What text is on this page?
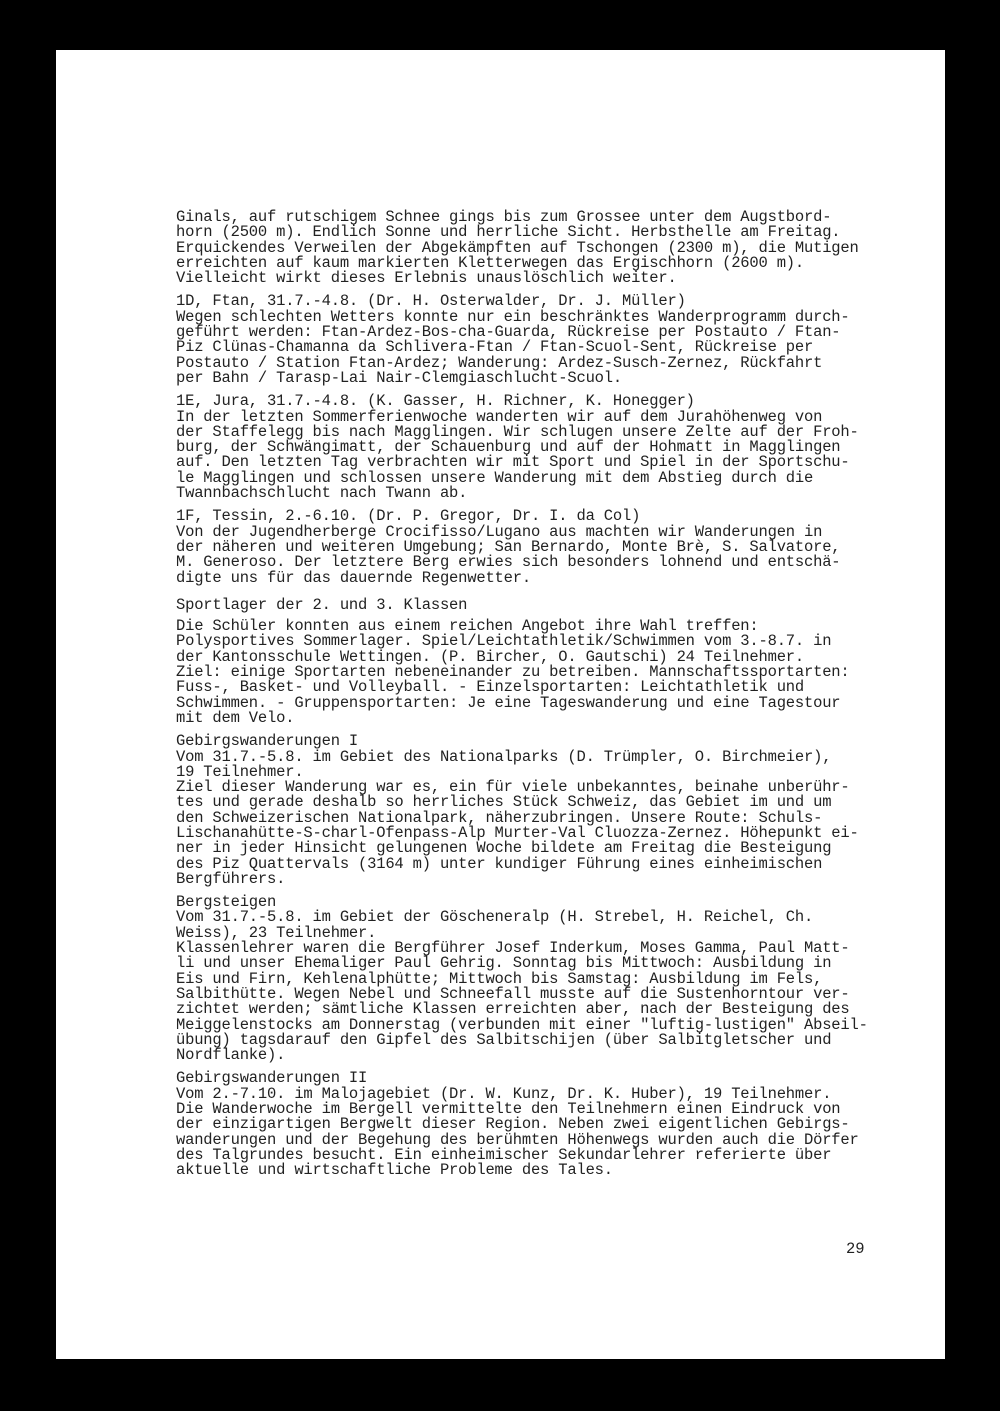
Ginals, auf rutschigem Schnee gings bis zum Grossee unter dem Augstbord-
horn (2500 m). Endlich Sonne und herrliche Sicht. Herbsthelle am Freitag.
Erquickendes Verweilen der Abgekämpften auf Tschongen (2300 m), die Mutigen
erreichten auf kaum markierten Kletterwegen das Ergischhorn (2600 m).
Vielleicht wirkt dieses Erlebnis unauslöschlich weiter.
1D, Ftan, 31.7.-4.8. (Dr. H. Osterwalder, Dr. J. Müller)
Wegen schlechten Wetters konnte nur ein beschränktes Wanderprogramm durch-
geführt werden: Ftan-Ardez-Bos-cha-Guarda, Rückreise per Postauto / Ftan-
Piz Clünas-Chamanna da Schlivera-Ftan / Ftan-Scuol-Sent, Rückreise per
Postauto / Station Ftan-Ardez; Wanderung: Ardez-Susch-Zernez, Rückfahrt
per Bahn / Tarasp-Lai Nair-Clemgiaschlucht-Scuol.
1E, Jura, 31.7.-4.8. (K. Gasser, H. Richner, K. Honegger)
In der letzten Sommerferienwoche wanderten wir auf dem Jurahöhenweg von
der Staffelegg bis nach Magglingen. Wir schlugen unsere Zelte auf der Froh-
burg, der Schwängimatt, der Schauenburg und auf der Hohmatt in Magglingen
auf. Den letzten Tag verbrachten wir mit Sport und Spiel in der Sportschu-
le Magglingen und schlossen unsere Wanderung mit dem Abstieg durch die
Twannbachschlucht nach Twann ab.
1F, Tessin, 2.-6.10. (Dr. P. Gregor, Dr. I. da Col)
Von der Jugendherberge Crocifisso/Lugano aus machten wir Wanderungen in
der näheren und weiteren Umgebung; San Bernardo, Monte Brè, S. Salvatore,
M. Generoso. Der letztere Berg erwies sich besonders lohnend und entschä-
digte uns für das dauernde Regenwetter.
Sportlager der 2. und 3. Klassen
Die Schüler konnten aus einem reichen Angebot ihre Wahl treffen:
Polysportives Sommerlager. Spiel/Leichtathletik/Schwimmen vom 3.-8.7. in
der Kantonsschule Wettingen. (P. Bircher, O. Gautschi) 24 Teilnehmer.
Ziel: einige Sportarten nebeneinander zu betreiben. Mannschaftssportarten:
Fuss-, Basket- und Volleyball. - Einzelsportarten: Leichtathletik und
Schwimmen. - Gruppensportarten: Je eine Tageswanderung und eine Tagestour
mit dem Velo.
Gebirgswanderungen I
Vom 31.7.-5.8. im Gebiet des Nationalparks (D. Trümpler, O. Birchmeier),
19 Teilnehmer.
Ziel dieser Wanderung war es, ein für viele unbekanntes, beinahe unberühr-
tes und gerade deshalb so herrliches Stück Schweiz, das Gebiet im und um
den Schweizerischen Nationalpark, näherzubringen. Unsere Route: Schuls-
Lischanahütte-S-charl-Ofenpass-Alp Murter-Val Cluozza-Zernez. Höhepunkt ei-
ner in jeder Hinsicht gelungenen Woche bildete am Freitag die Besteigung
des Piz Quattervals (3164 m) unter kundiger Führung eines einheimischen
Bergführers.
Bergsteigen
Vom 31.7.-5.8. im Gebiet der Göscheneralp (H. Strebel, H. Reichel, Ch.
Weiss), 23 Teilnehmer.
Klassenlehrer waren die Bergführer Josef Inderkum, Moses Gamma, Paul Matt-
li und unser Ehemaliger Paul Gehrig. Sonntag bis Mittwoch: Ausbildung in
Eis und Firn, Kehlenalphütte; Mittwoch bis Samstag: Ausbildung im Fels,
Salbithütte. Wegen Nebel und Schneefall musste auf die Sustenhorntour ver-
zichtet werden; sämtliche Klassen erreichten aber, nach der Besteigung des
Meiggelenstocks am Donnerstag (verbunden mit einer "luftig-lustigen" Abseil-
übung) tagsdarauf den Gipfel des Salbitschijen (über Salbitgletscher und
Nordflanke).
Gebirgswanderungen II
Vom 2.-7.10. im Malojagebiet (Dr. W. Kunz, Dr. K. Huber), 19 Teilnehmer.
Die Wanderwoche im Bergell vermittelte den Teilnehmern einen Eindruck von
der einzigartigen Bergwelt dieser Region. Neben zwei eigentlichen Gebirgs-
wanderungen und der Begehung des berühmten Höhenwegs wurden auch die Dörfer
des Talgrundes besucht. Ein einheimischer Sekundarlehrer referierte über
aktuelle und wirtschaftliche Probleme des Tales.
29
